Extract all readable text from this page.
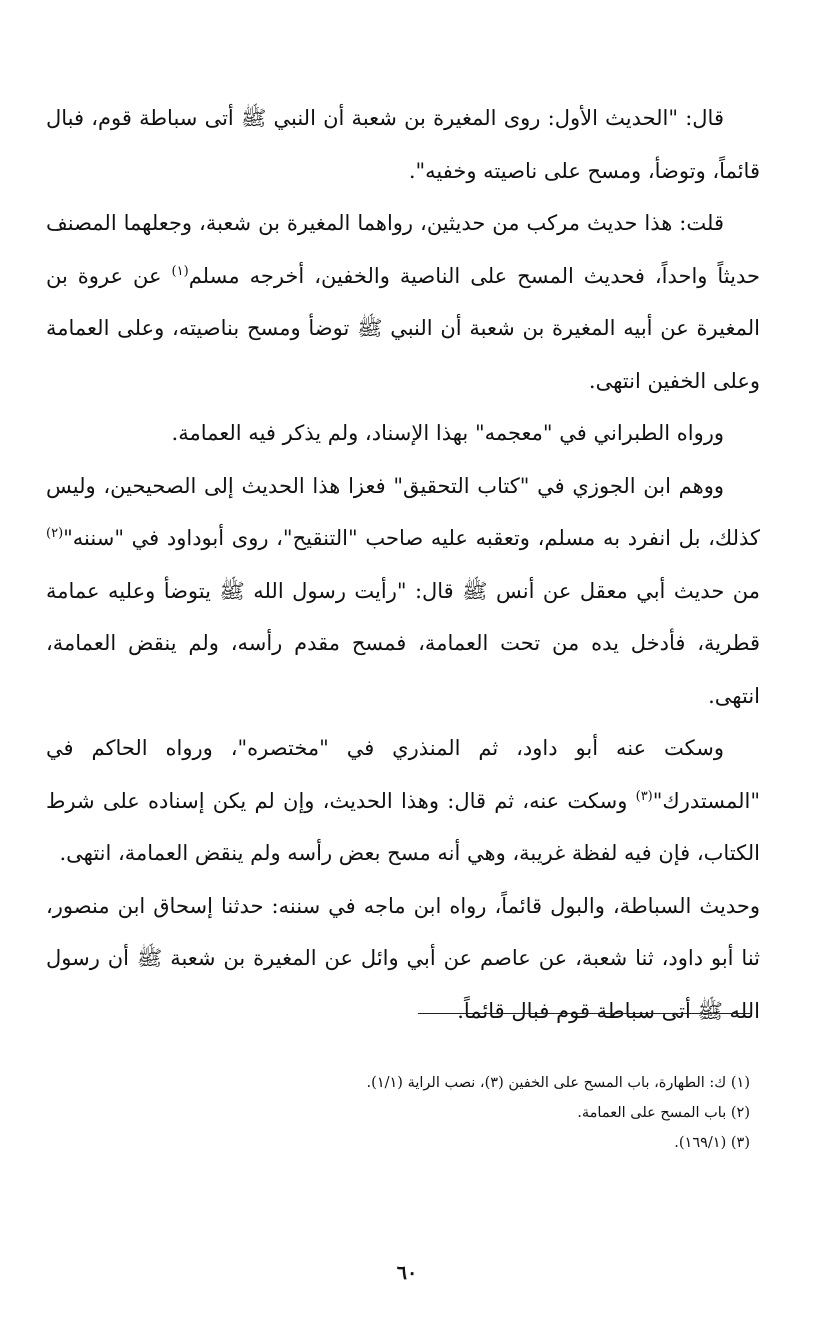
قال: "الحديث الأول: روى المغيرة بن شعبة أن النبي ﷺ أتى سباطة قوم، فبال قائماً، وتوضأ، ومسح على ناصيته وخفيه".

قلت: هذا حديث مركب من حديثين، رواهما المغيرة بن شعبة، وجعلهما المصنف حديثاً واحداً، فحديث المسح على الناصية والخفين، أخرجه مسلم$^{(١)}$ عن عروة بن المغيرة عن أبيه المغيرة بن شعبة أن النبي ﷺ توضأ ومسح بناصيته، وعلى العمامة وعلى الخفين انتهى.

ورواه الطبراني في "معجمه" بهذا الإسناد، ولم يذكر فيه العمامة.

ووهم ابن الجوزي في "كتاب التحقيق" فعزا هذا الحديث إلى الصحيحين، وليس كذلك، بل انفرد به مسلم، وتعقبه عليه صاحب "التنقيح"، روى أبوداود في "سننه"$^{(٢)}$ من حديث أبي معقل عن أنس ﷺ قال: "رأيت رسول الله ﷺ يتوضأ وعليه عمامة قطرية، فأدخل يده من تحت العمامة، فمسح مقدم رأسه، ولم ينقض العمامة، انتهى.

وسكت عنه أبو داود، ثم المنذري في "مختصره"، ورواه الحاكم في "المستدرك"$^{(٣)}$ وسكت عنه، ثم قال: وهذا الحديث، وإن لم يكن إسناده على شرط الكتاب، فإن فيه لفظة غريبة، وهي أنه مسح بعض رأسه ولم ينقض العمامة، انتهى.

وحديث السباطة، والبول قائماً، رواه ابن ماجه في سننه: حدثنا إسحاق ابن منصور، ثنا أبو داود، ثنا شعبة، عن عاصم عن أبي وائل عن المغيرة بن شعبة ﷺ أن رسول الله ﷺ أتى سباطة قوم فبال قائماً.

(١) ك: الطهارة، باب المسح على الخفين (٣)، نصب الراية (١/١).
(٢) باب المسح على العمامة.
(٣) (١٦٩/١).
٦٠
